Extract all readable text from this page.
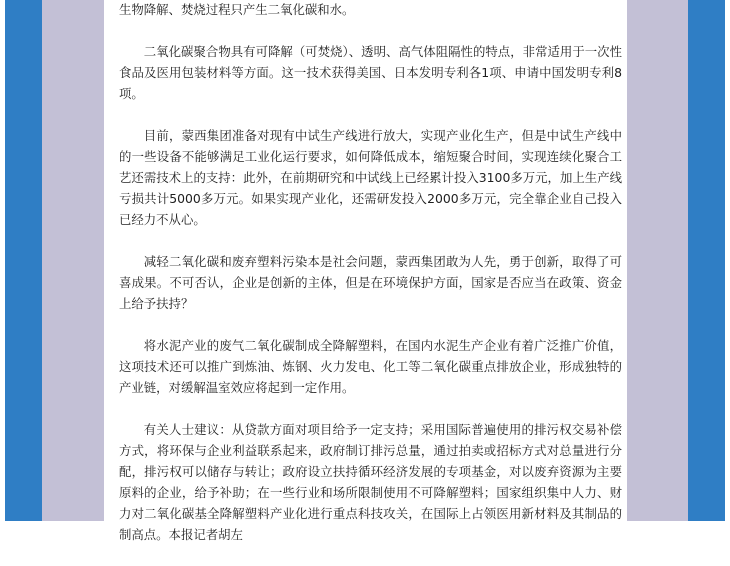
生物降解、焚烧过程只产生二氧化碳和水。

二氧化碳聚合物具有可降解（可焚烧）、透明、高气体阻隔性的特点，非常适用于一次性食品及医用包装材料等方面。这一技术获得美国、日本发明专利各1项、申请中国发明专利8项。

目前，蒙西集团准备对现有中试生产线进行放大，实现产业化生产，但是中试生产线中的一些设备不能够满足工业化运行要求，如何降低成本，缩短聚合时间，实现连续化聚合工艺还需技术上的支持：此外，在前期研究和中试线上已经累计投入3100多万元，加上生产线亏损共计5000多万元。如果实现产业化，还需研发投入2000多万元，完全靠企业自己投入已经力不从心。

减轻二氧化碳和废弃塑料污染本是社会问题，蒙西集团敢为人先，勇于创新，取得了可喜成果。不可否认，企业是创新的主体，但是在环境保护方面，国家是否应当在政策、资金上给予扶持？

将水泥产业的废气二氧化碳制成全降解塑料，在国内水泥生产企业有着广泛推广价值，这项技术还可以推广到炼油、炼钢、火力发电、化工等二氧化碳重点排放企业，形成独特的产业链，对缓解温室效应将起到一定作用。

有关人士建议：从贷款方面对项目给予一定支持；采用国际普遍使用的排污权交易补偿方式，将环保与企业利益联系起来，政府制订排污总量，通过拍卖或招标方式对总量进行分配，排污权可以储存与转让；政府设立扶持循环经济发展的专项基金，对以废弃资源为主要原料的企业，给予补助；在一些行业和场所限制使用不可降解塑料；国家组织集中人力、财力对二氧化碳基全降解塑料产业化进行重点科技攻关，在国际上占领医用新材料及其制品的制高点。本报记者胡左
